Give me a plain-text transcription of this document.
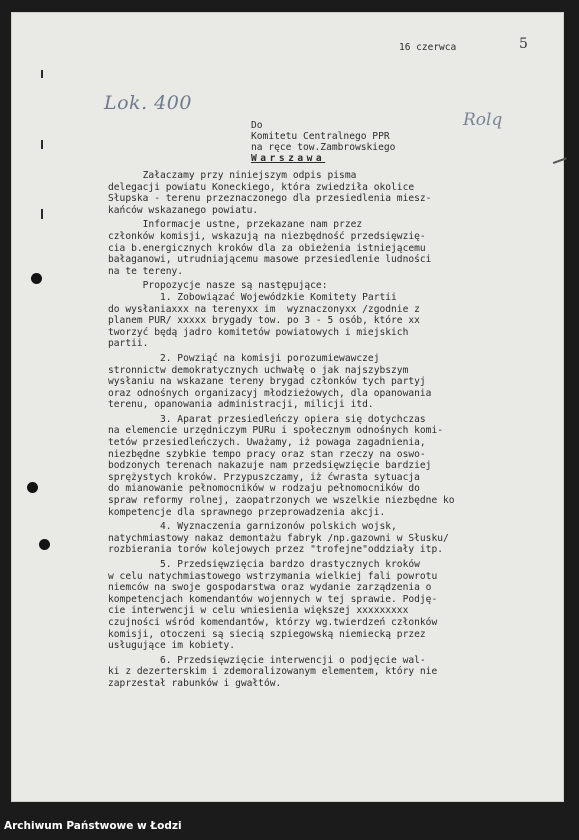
16 czerwca	5
Lok. 400
Rolq
Do
Komitetu Centralnego PPR
na ręce tow.Zambrowskiego
Warszawa
Załaczamy przy niniejszym odpis pisma
delegacji powiatu Koneckiego, która zwiedziła okolice
Słupska - terenu przeznaczonego dla przesiedlenia miesz-
kańców wskazanego powiatu.
Informacje ustne, przekazane nam przez
członków komisji, wskazują na niezbędność przedsięwzię-
cia b.energicznych kroków dla za obieżenia istniejącemu
bałaganowi, utrudniającemu masowe przesiedlenie ludności
na te tereny.
Propozycje nasze są następujące:
1. Zobowiązać Wojewódzkie Komitety Partii
do wysłaniaxxx na terenyxx im  wyznaczonyxx /zgodnie z
planem PUR/ xxxxx brygady tow. po 3 - 5 osób, które xx
tworzyć będą jadro komitetów powiatowych i miejskich
partii.
2. Powziąć na komisji porozumiewawczej
stronnictw demokratycznych uchwałę o jak najszybszym
wysłaniu na wskazane tereny brygad członków tych partyj
oraz odnośnych organizacyj młodzieżowych, dla opanowania
terenu, opanowania administracji, milicji itd.
3. Aparat przesiedleńczy opiera się dotychczas
na elemencie urzędniczym PURu i społecznym odnośnych komi-
tetów przesiedleńczych. Uważamy, iż powaga zagadnienia,
niezbędne szybkie tempo pracy oraz stan rzeczy na oswo-
bodzonych terenach nakazuje nam przedsięwzięcie bardziej
sprężystych kroków. Przypuszczamy, iż ćwrasta sytuacja
do mianowanie pełnomocników w rodzaju pełnomocników do
spraw reformy rolnej, zaopatrzonych we wszelkie niezbędne ko
kompetencje dla sprawnego przeprowadzenia akcji.
4. Wyznaczenia garnizonów polskich wojsk,
natychmiastowy nakaz demontażu fabryk /np.gazowni w Słusku/
rozbierania torów kolejowych przez "trofejne"oddziały itp.
5. Przedsięwzięcia bardzo drastycznych kroków
w celu natychmiastowego wstrzymania wielkiej fali powrotu
niemców na swoje gospodarstwa oraz wydanie zarządzenia o
kompetencjach komendantów wojennych w tej sprawie. Podję-
cie interwencji w celu wniesienia większej xxxxxxxxx
czujności wśród komendantów, którzy wg.twierdzeń członków
komisji, otoczeni są siecią szpiegowską niemiecką przez
usługujące im kobiety.
6. Przedsięwzięcie interwencji o podjęcie wal-
ki z dezerterskim i zdemoralizowanym elementem, który nie
zaprzestał rabunków i gwałtów.
Archiwum Państwowe w Łodzi
